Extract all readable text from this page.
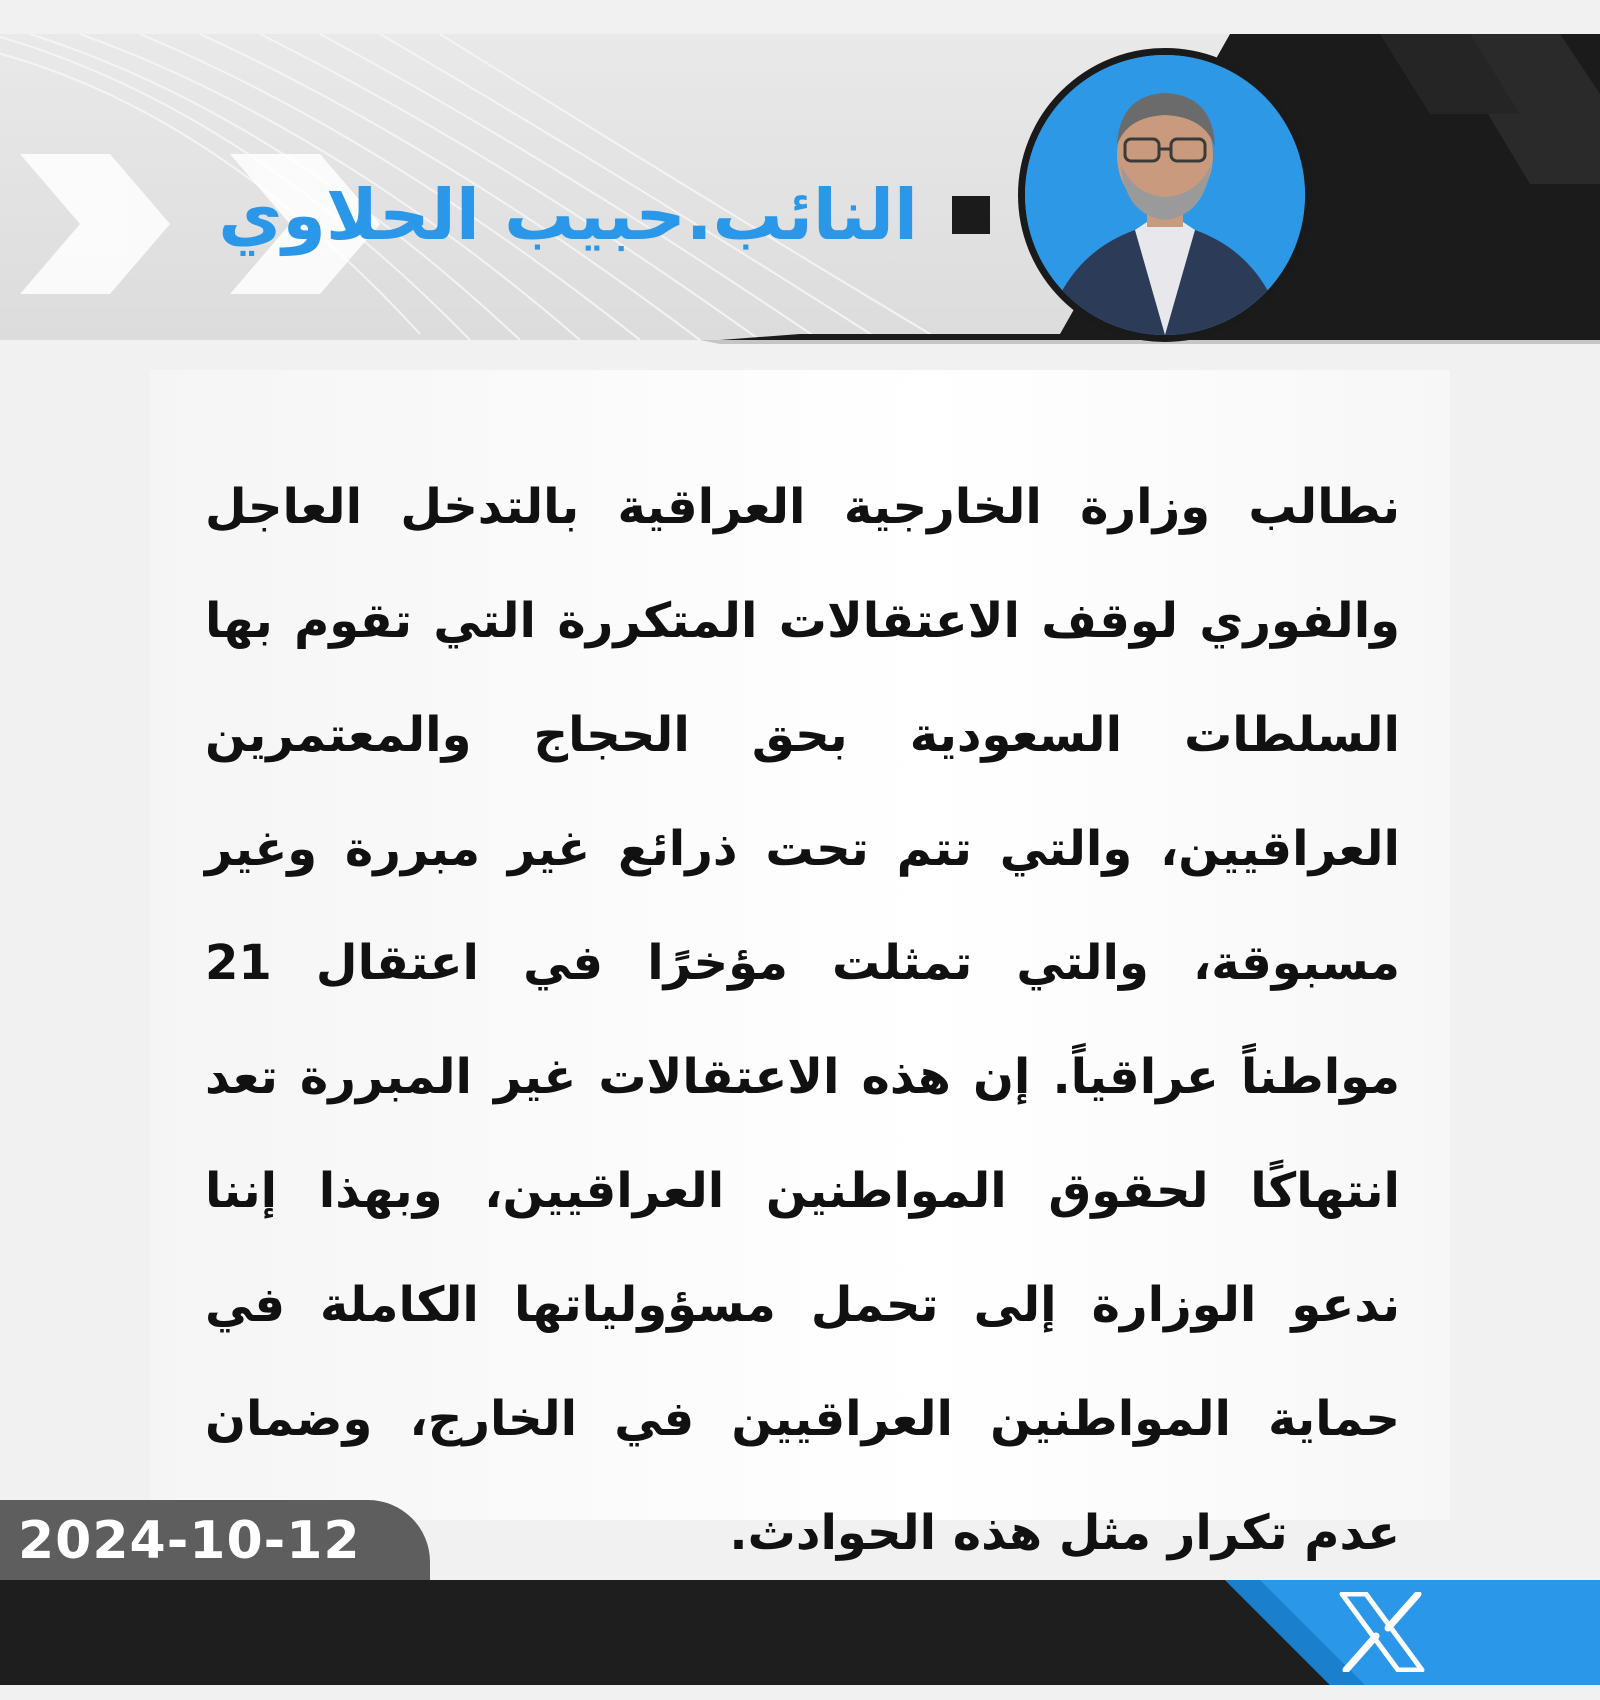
النائب.حبيب الحلاوي

نطالب وزارة الخارجية العراقية بالتدخل العاجل والفوري لوقف الاعتقالات المتكررة التي تقوم بها السلطات السعودية بحق الحجاج والمعتمرين العراقيين، والتي تتم تحت ذرائع غير مبررة وغير مسبوقة، والتي تمثلت مؤخرًا في اعتقال 21 مواطناً عراقياً. إن هذه الاعتقالات غير المبررة تعد انتهاكًا لحقوق المواطنين العراقيين، وبهذا إننا ندعو الوزارة إلى تحمل مسؤولياتها الكاملة في حماية المواطنين العراقيين في الخارج، وضمان عدم تكرار مثل هذه الحوادث.

2024-10-12
